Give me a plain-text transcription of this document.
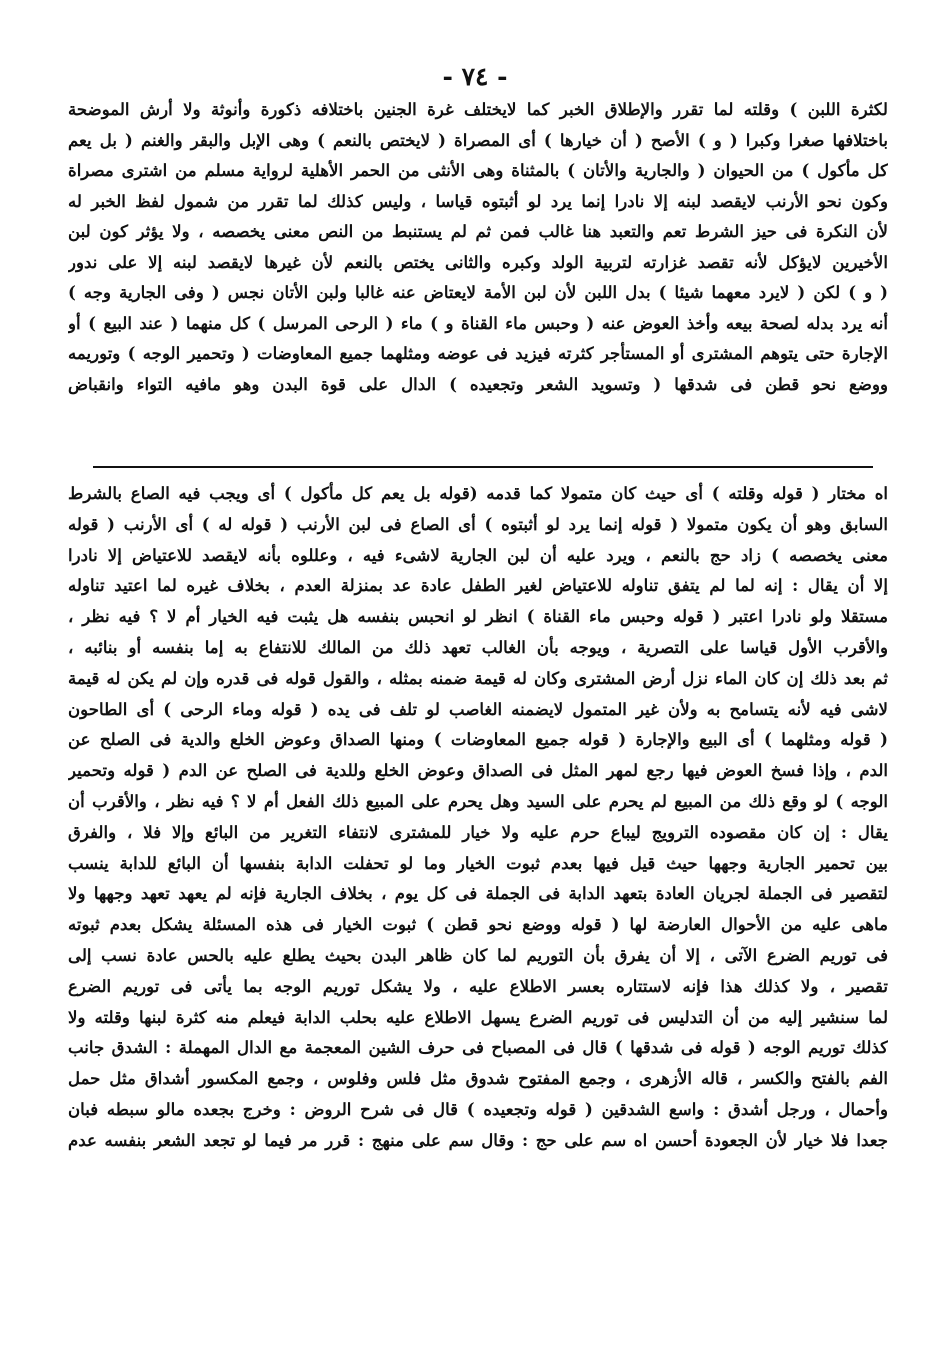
- ٧٤ -
لكثرة اللبن ) وقلته لما تقرر والإطلاق الخبر كما لايختلف غرة الجنين باختلافه ذكورة وأنوثة ولا أرش الموضحة
باختلافها صغرا وكبرا ( و ) الأصح ( أن خيارها ) أى المصراة ( لايختص بالنعم ) وهى الإبل والبقر والغنم ( بل يعم
كل مأكول ) من الحيوان ( والجارية والأتان ) بالمثناة وهى الأنثى من الحمر الأهلية لرواية مسلم من اشترى مصراة
وكون نحو الأرنب لايقصد لبنه إلا نادرا إنما يرد لو أثبتوه قياسا ، وليس كذلك لما تقرر من شمول لفظ الخبر له
لأن النكرة فى حيز الشرط تعم والتعبد هنا غالب فمن ثم لم يستنبط من النص معنى يخصصه ، ولا يؤثر كون لبن
الأخيرين لايؤكل لأنه تقصد غزارته لتربية الولد وكبره والثانى يختص بالنعم لأن غيرها لايقصد لبنه إلا على ندور
( و ) لكن ( لايرد معهما شيئا ) بدل اللبن لأن لبن الأمة لايعتاض عنه غالبا ولبن الأتان نجس ( وفى الجارية وجه )
أنه يرد بدله لصحة بيعه وأخذ العوض عنه ( وحبس ماء القناة و ) ماء ( الرحى المرسل ) كل منهما ( عند البيع ) أو
الإجارة حتى يتوهم المشترى أو المستأجر كثرته فيزيد فى عوضه ومثلهما جميع المعاوضات ( وتحمير الوجه ) وتوريمه
ووضع نحو قطن فى شدقها ( وتسويد الشعر وتجعيده ) الدال على قوة البدن وهو مافيه التواء وانقباض
اه مختار ( قوله وقلته ) أى حيث كان متمولا كما قدمه (قوله بل يعم كل مأكول ) أى ويجب فيه الصاع بالشرط
السابق وهو أن يكون متمولا ( قوله إنما يرد لو أثبتوه ) أى الصاع فى لبن الأرنب ( قوله له ) أى الأرنب ( قوله
معنى يخصصه ) زاد حج بالنعم ، ويرد عليه أن لبن الجارية لاشىء فيه ، وعللوه بأنه لايقصد للاعتياض إلا نادرا
إلا أن يقال : إنه لما لم يتفق تناوله للاعتياض لغير الطفل عادة عد بمنزلة العدم ، بخلاف غيره لما اعتيد تناوله
مستقلا ولو نادرا اعتبر ( قوله وحبس ماء القناة ) انظر لو انحبس بنفسه هل يثبت فيه الخيار أم لا ؟ فيه نظر ،
والأقرب الأول قياسا على التصرية ، ويوجه بأن الغالب تعهد ذلك من المالك للانتفاع به إما بنفسه أو بنائبه ،
ثم بعد ذلك إن كان الماء نزل أرض المشترى وكان له قيمة ضمنه بمثله ، والقول قوله فى قدره وإن لم يكن له قيمة
لاشى فيه لأنه يتسامح به ولأن غير المتمول لايضمنه الغاصب لو تلف فى يده ( قوله وماء الرحى ) أى الطاحون
( قوله ومثلهما ) أى البيع والإجارة ( قوله جميع المعاوضات ) ومنها الصداق وعوض الخلع والدية فى الصلح عن
الدم ، وإذا فسخ العوض فيها رجع لمهر المثل فى الصداق وعوض الخلع وللدية فى الصلح عن الدم ( قوله وتحمير
الوجه ) لو وقع ذلك من المبيع لم يحرم على السيد وهل يحرم على المبيع ذلك الفعل أم لا ؟ فيه نظر ، والأقرب أن
يقال : إن كان مقصوده الترويج ليباع حرم عليه ولا خيار للمشترى لانتفاء التغرير من البائع وإلا فلا ، والفرق
بين تحمير الجارية وجهها حيث قيل فيها بعدم ثبوت الخيار وما لو تحفلت الدابة بنفسها أن البائع للدابة ينسب
لتقصير فى الجملة لجريان العادة بتعهد الدابة فى الجملة فى كل يوم ، بخلاف الجارية فإنه لم يعهد تعهد وجهها ولا
ماهى عليه من الأحوال العارضة لها ( قوله ووضع نحو قطن ) ثبوت الخيار فى هذه المسئلة يشكل بعدم ثبوته
فى توريم الضرع الآتى ، إلا أن يفرق بأن التوريم لما كان ظاهر البدن بحيث يطلع عليه بالحس عادة نسب إلى
تقصير ، ولا كذلك هذا فإنه لاستتاره بعسر الاطلاع عليه ، ولا يشكل توريم الوجه بما يأتى فى توريم الضرع
لما سنشير إليه من أن التدليس فى توريم الضرع يسهل الاطلاع عليه بحلب الدابة فيعلم منه كثرة لبنها وقلته ولا
كذلك توريم الوجه ( قوله فى شدقها ) قال فى المصباح فى حرف الشين المعجمة مع الدال المهملة : الشدق جانب
الفم بالفتح والكسر ، قاله الأزهرى ، وجمع المفتوح شدوق مثل فلس وفلوس ، وجمع المكسور أشداق مثل حمل
وأحمال ، ورجل أشدق : واسع الشدقين ( قوله وتجعيده ) قال فى شرح الروض : وخرج بجعده مالو سبطه فبان
جعدا فلا خيار لأن الجعودة أحسن اه سم على حج : وقال سم على منهج : قرر مر فيما لو تجعد الشعر بنفسه عدم
